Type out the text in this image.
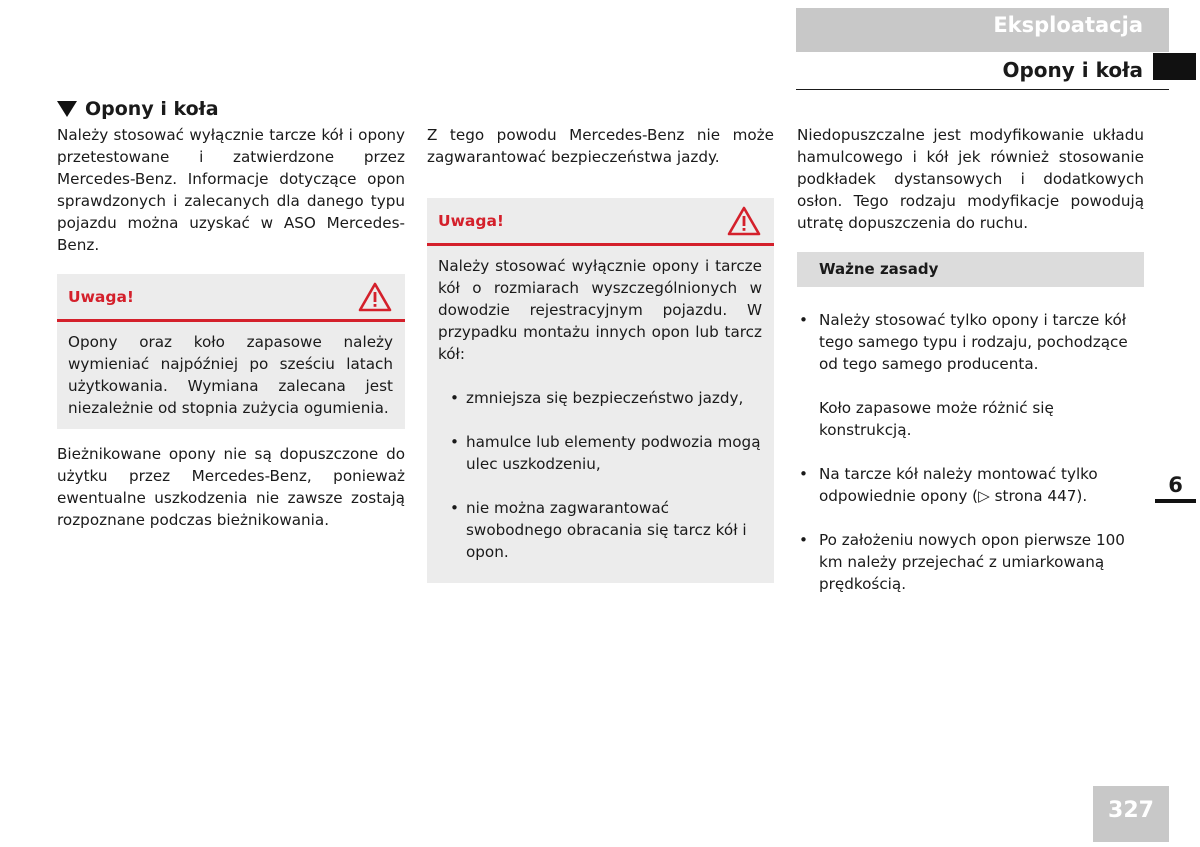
Eksploatacja
Opony i koła
Opony i koła

Należy stosować wyłącznie tarcze kół i opony przetestowane i zatwierdzone przez Mercedes-Benz. Informacje dotyczące opon sprawdzonych i zalecanych dla danego typu pojazdu można uzyskać w ASO Mercedes-Benz.

Uwaga!

Opony oraz koło zapasowe należy wymieniać najpóźniej po sześciu latach użytkowania. Wymiana zalecana jest niezależnie od stopnia zużycia ogumienia.

Bieżnikowane opony nie są dopuszczone do użytku przez Mercedes-Benz, ponieważ ewentualne uszkodzenia nie zawsze zostają rozpoznane podczas bieżnikowania.

Z tego powodu Mercedes-Benz nie może zagwarantować bezpieczeństwa jazdy.

Uwaga!

Należy stosować wyłącznie opony i tarcze kół o rozmiarach wyszczególnionych w dowodzie rejestracyjnym pojazdu. W przypadku montażu innych opon lub tarcz kół:

• zmniejsza się bezpieczeństwo jazdy,
• hamulce lub elementy podwozia mogą ulec uszkodzeniu,
• nie można zagwarantować swobodnego obracania się tarcz kół i opon.

Niedopuszczalne jest modyfikowanie układu hamulcowego i kół jek również stosowanie podkładek dystansowych i dodatkowych osłon. Tego rodzaju modyfikacje powodują utratę dopuszczenia do ruchu.

Ważne zasady
• Należy stosować tylko opony i tarcze kół tego samego typu i rodzaju, pochodzące od tego samego producenta.
Koło zapasowe może różnić się konstrukcją.
• Na tarcze kół należy montować tylko odpowiednie opony (▷ strona 447).
• Po założeniu nowych opon pierwsze 100 km należy przejechać z umiarkowaną prędkością.
6
327
